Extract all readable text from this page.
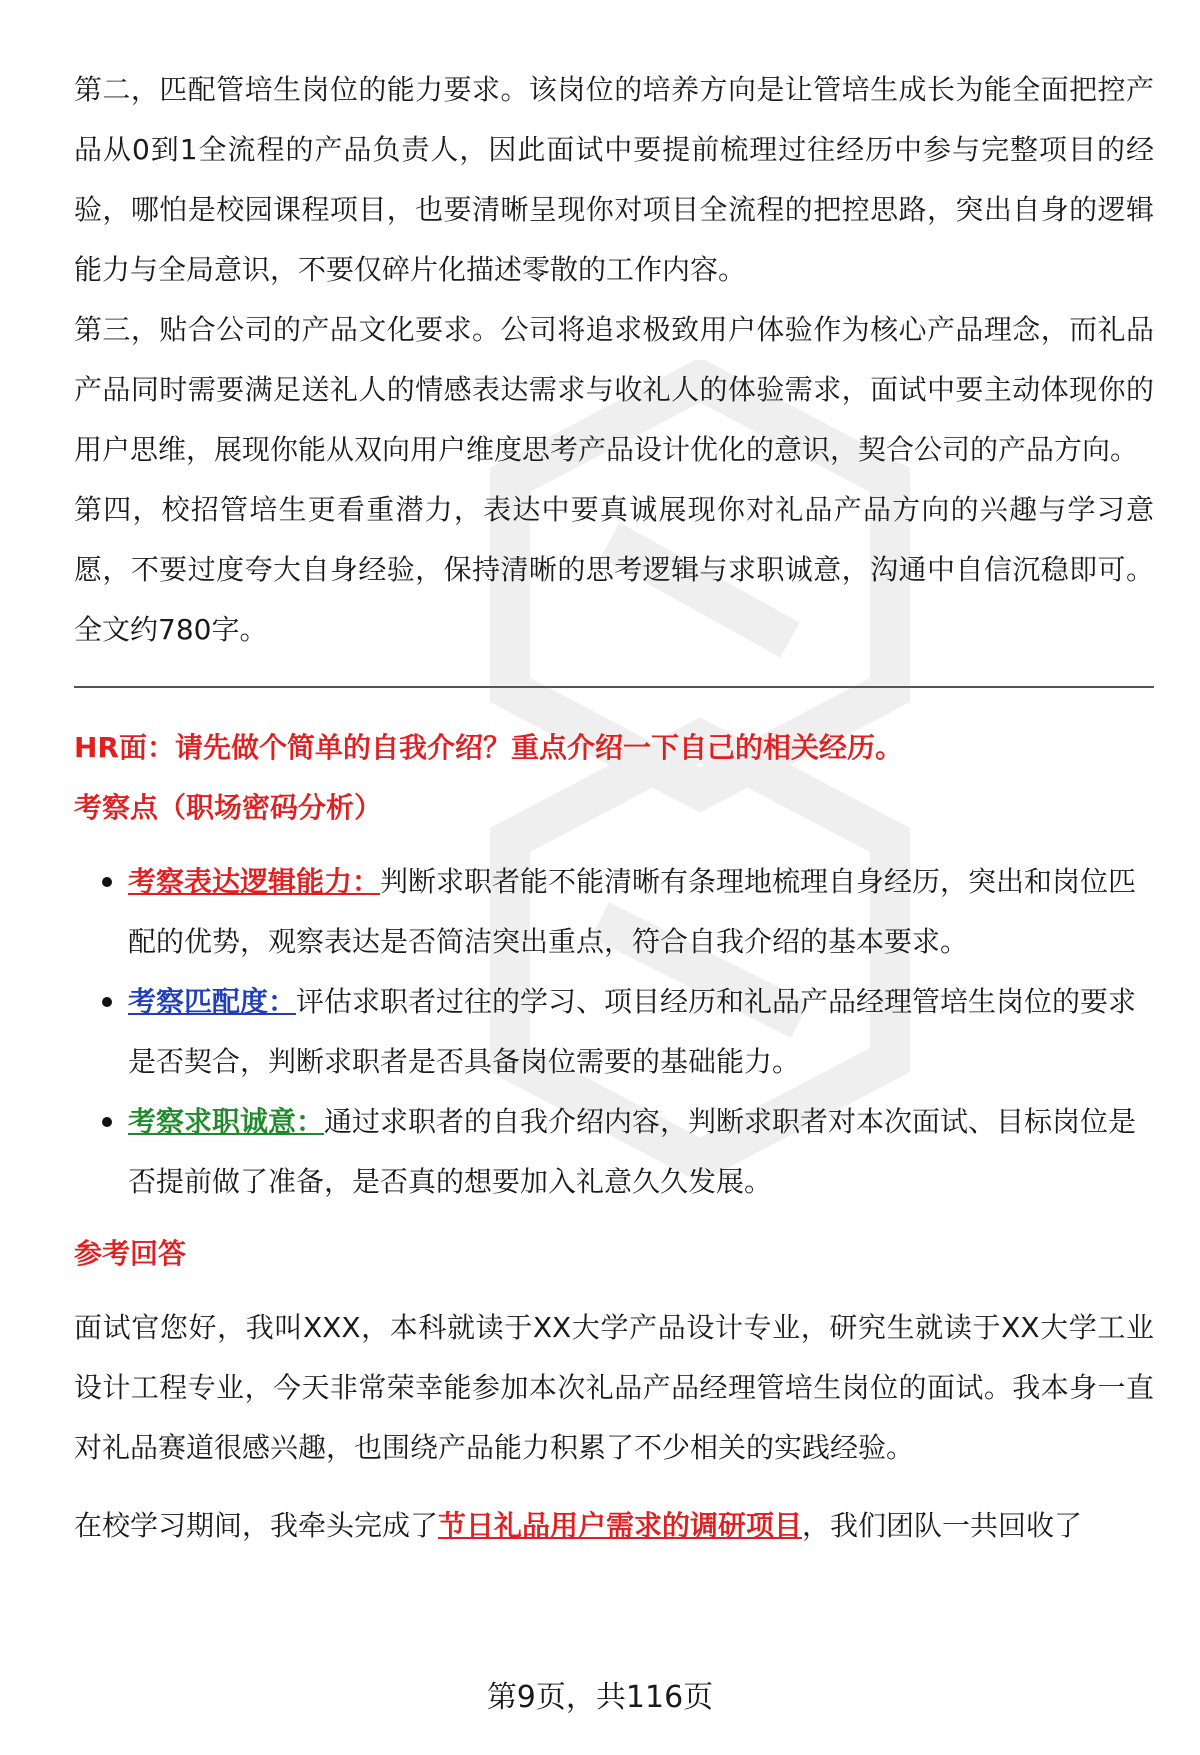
第二，匹配管培生岗位的能力要求。该岗位的培养方向是让管培生成长为能全面把控产品从0到1全流程的产品负责人，因此面试中要提前梳理过往经历中参与完整项目的经验，哪怕是校园课程项目，也要清晰呈现你对项目全流程的把控思路，突出自身的逻辑能力与全局意识，不要仅碎片化描述零散的工作内容。

第三，贴合公司的产品文化要求。公司将追求极致用户体验作为核心产品理念，而礼品产品同时需要满足送礼人的情感表达需求与收礼人的体验需求，面试中要主动体现你的用户思维，展现你能从双向用户维度思考产品设计优化的意识，契合公司的产品方向。

第四，校招管培生更看重潜力，表达中要真诚展现你对礼品产品方向的兴趣与学习意愿，不要过度夸大自身经验，保持清晰的思考逻辑与求职诚意，沟通中自信沉稳即可。全文约780字。

HR面：请先做个简单的自我介绍？重点介绍一下自己的相关经历。

考察点（职场密码分析）

考察表达逻辑能力：判断求职者能不能清晰有条理地梳理自身经历，突出和岗位匹配的优势，观察表达是否简洁突出重点，符合自我介绍的基本要求。
考察匹配度：评估求职者过往的学习、项目经历和礼品产品经理管培生岗位的要求是否契合，判断求职者是否具备岗位需要的基础能力。
考察求职诚意：通过求职者的自我介绍内容，判断求职者对本次面试、目标岗位是否提前做了准备，是否真的想要加入礼意久久发展。

参考回答

面试官您好，我叫XXX，本科就读于XX大学产品设计专业，研究生就读于XX大学工业设计工程专业，今天非常荣幸能参加本次礼品产品经理管培生岗位的面试。我本身一直对礼品赛道很感兴趣，也围绕产品能力积累了不少相关的实践经验。

在校学习期间，我牵头完成了节日礼品用户需求的调研项目，我们团队一共回收了

第9页，共116页
